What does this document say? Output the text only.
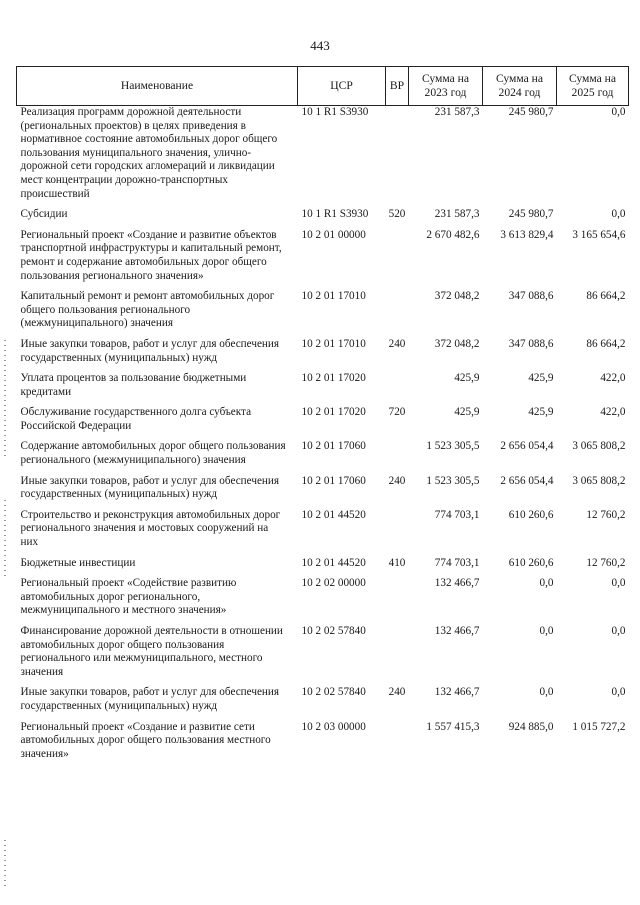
443
Наименование	ЦСР	ВР	Сумма на 2023 год	Сумма на 2024 год	Сумма на 2025 год
Реализация программ дорожной деятельности (региональных проектов) в целях приведения в нормативное состояние автомобильных дорог общего пользования муниципального значения, улично-дорожной сети городских агломераций и ликвидации мест концентрации дорожно-транспортных происшествий	10 1 R1 S3930		231 587,3	245 980,7	0,0
Субсидии	10 1 R1 S3930	520	231 587,3	245 980,7	0,0
Региональный проект «Создание и развитие объектов транспортной инфраструктуры и капитальный ремонт, ремонт и содержание автомобильных дорог общего пользования регионального значения»	10 2 01 00000		2 670 482,6	3 613 829,4	3 165 654,6
Капитальный ремонт и ремонт автомобильных дорог общего пользования регионального (межмуниципального) значения	10 2 01 17010		372 048,2	347 088,6	86 664,2
Иные закупки товаров, работ и услуг для обеспечения государственных (муниципальных) нужд	10 2 01 17010	240	372 048,2	347 088,6	86 664,2
Уплата процентов за пользование бюджетными кредитами	10 2 01 17020		425,9	425,9	422,0
Обслуживание государственного долга субъекта Российской Федерации	10 2 01 17020	720	425,9	425,9	422,0
Содержание автомобильных дорог общего пользования регионального (межмуниципального) значения	10 2 01 17060		1 523 305,5	2 656 054,4	3 065 808,2
Иные закупки товаров, работ и услуг для обеспечения государственных (муниципальных) нужд	10 2 01 17060	240	1 523 305,5	2 656 054,4	3 065 808,2
Строительство и реконструкция автомобильных дорог регионального значения и мостовых сооружений на них	10 2 01 44520		774 703,1	610 260,6	12 760,2
Бюджетные инвестиции	10 2 01 44520	410	774 703,1	610 260,6	12 760,2
Региональный проект «Содействие развитию автомобильных дорог регионального, межмуниципального и местного значения»	10 2 02 00000		132 466,7	0,0	0,0
Финансирование дорожной деятельности в отношении автомобильных дорог общего пользования регионального или межмуниципального, местного значения	10 2 02 57840		132 466,7	0,0	0,0
Иные закупки товаров, работ и услуг для обеспечения государственных (муниципальных) нужд	10 2 02 57840	240	132 466,7	0,0	0,0
Региональный проект «Создание и развитие сети автомобильных дорог общего пользования местного значения»	10 2 03 00000		1 557 415,3	924 885,0	1 015 727,2
